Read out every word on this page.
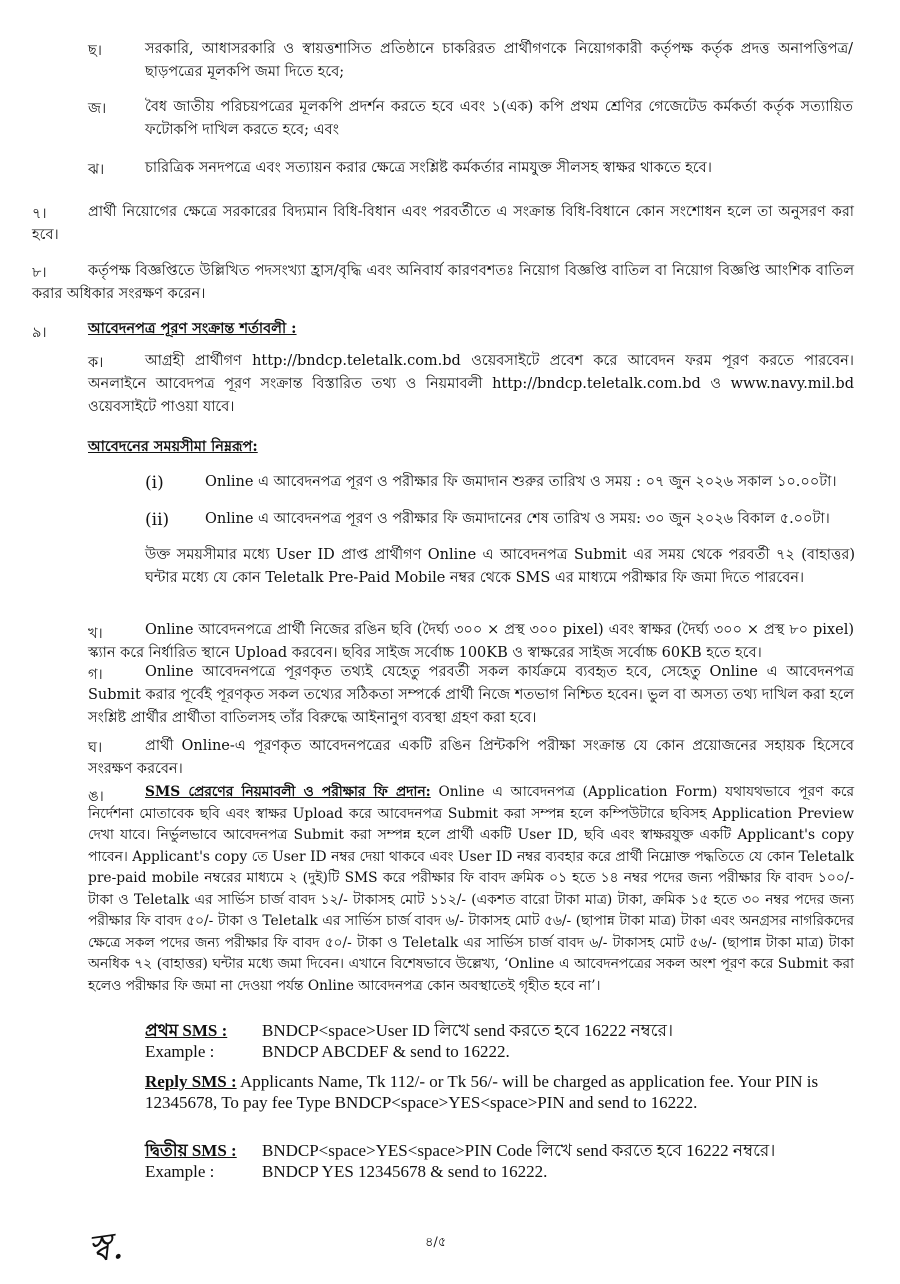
ছ।	সরকারি, আধাসরকারি ও স্বায়ত্তশাসিত প্রতিষ্ঠানে চাকরিরত প্রার্থীগণকে নিয়োগকারী কর্তৃপক্ষ কর্তৃক প্রদত্ত অনাপত্তিপত্র/ছাড়পত্রের মূলকপি জমা দিতে হবে;
জ।	বৈধ জাতীয় পরিচয়পত্রের মূলকপি প্রদর্শন করতে হবে এবং ১(এক) কপি প্রথম শ্রেণির গেজেটেড কর্মকর্তা কর্তৃক সত্যায়িত ফটোকপি দাখিল করতে হবে; এবং
ঝ।	চারিত্রিক সনদপত্রে এবং সত্যায়ন করার ক্ষেত্রে সংশ্লিষ্ট কর্মকর্তার নামযুক্ত সীলসহ স্বাক্ষর থাকতে হবে।
৭।	প্রার্থী নিয়োগের ক্ষেত্রে সরকারের বিদ্যমান বিধি-বিধান এবং পরবর্তীতে এ সংক্রান্ত বিধি-বিধানে কোন সংশোধন হলে তা অনুসরণ করা হবে।
৮।	কর্তৃপক্ষ বিজ্ঞপ্তিতে উল্লিখিত পদসংখ্যা হ্রাস/বৃদ্ধি এবং অনিবার্য কারণবশতঃ নিয়োগ বিজ্ঞপ্তি বাতিল বা নিয়োগ বিজ্ঞপ্তি আংশিক বাতিল করার অধিকার সংরক্ষণ করেন।
৯।	আবেদনপত্র পূরণ সংক্রান্ত শর্তাবলী :
ক।	আগ্রহী প্রার্থীগণ http://bndcp.teletalk.com.bd ওয়েবসাইটে প্রবেশ করে আবেদন ফরম পূরণ করতে পারবেন। অনলাইনে আবেদপত্র পূরণ সংক্রান্ত বিস্তারিত তথ্য ও নিয়মাবলী http://bndcp.teletalk.com.bd ও www.navy.mil.bd ওয়েবসাইটে পাওয়া যাবে।
আবেদনের সময়সীমা নিম্নরূপ:
(i)	Online এ আবেদনপত্র পূরণ ও পরীক্ষার ফি জমাদান শুরুর তারিখ ও সময় : ০৭ জুন ২০২৬ সকাল ১০.০০টা।
(ii) Online এ আবেদনপত্র পূরণ ও পরীক্ষার ফি জমাদানের শেষ তারিখ ও সময়: ৩০ জুন ২০২৬ বিকাল ৫.০০টা।
উক্ত সময়সীমার মধ্যে User ID প্রাপ্ত প্রার্থীগণ Online এ আবেদনপত্র Submit এর সময় থেকে পরবর্তী ৭২ (বাহাত্তর) ঘন্টার মধ্যে যে কোন Teletalk Pre-Paid Mobile নম্বর থেকে SMS এর মাধ্যমে পরীক্ষার ফি জমা দিতে পারবেন।
খ।	Online আবেদনপত্রে প্রার্থী নিজের রঙিন ছবি (দৈর্ঘ্য ৩০০ × প্রস্থ ৩০০ pixel) এবং স্বাক্ষর (দৈর্ঘ্য ৩০০ × প্রস্থ ৮০ pixel) স্ক্যান করে নির্ধারিত স্থানে Upload করবেন। ছবির সাইজ সর্বোচ্চ 100KB ও স্বাক্ষরের সাইজ সর্বোচ্চ 60KB হতে হবে।
গ।	Online আবেদনপত্রে পূরণকৃত তথ্যই যেহেতু পরবর্তী সকল কার্যক্রমে ব্যবহৃত হবে, সেহেতু Online এ আবেদনপত্র Submit করার পূর্বেই পূরণকৃত সকল তথ্যের সঠিকতা সম্পর্কে প্রার্থী নিজে শতভাগ নিশ্চিত হবেন। ভুল বা অসত্য তথ্য দাখিল করা হলে সংশ্লিষ্ট প্রার্থীর প্রার্থীতা বাতিলসহ তাঁর বিরুদ্ধে আইনানুগ ব্যবস্থা গ্রহণ করা হবে।
ঘ।	প্রার্থী Online-এ পূরণকৃত আবেদনপত্রের একটি রঙিন প্রিন্টকপি পরীক্ষা সংক্রান্ত যে কোন প্রয়োজনের সহায়ক হিসেবে সংরক্ষণ করবেন।
ঙ।	SMS প্রেরণের নিয়মাবলী ও পরীক্ষার ফি প্রদান: Online এ আবেদনপত্র (Application Form) যথাযথভাবে পূরণ করে নির্দেশনা মোতাবেক ছবি এবং স্বাক্ষর Upload করে আবেদনপত্র Submit করা সম্পন্ন হলে কম্পিউটারে ছবিসহ Application Preview দেখা যাবে। নির্ভুলভাবে আবেদনপত্র Submit করা সম্পন্ন হলে প্রার্থী একটি User ID, ছবি এবং স্বাক্ষরযুক্ত একটি Applicant's copy পাবেন। Applicant's copy তে User ID নম্বর দেয়া থাকবে এবং User ID নম্বর ব্যবহার করে প্রার্থী নিম্নোক্ত পদ্ধতিতে যে কোন Teletalk pre-paid mobile নম্বরের মাধ্যমে ২ (দুই)টি SMS করে পরীক্ষার ফি বাবদ ক্রমিক ০১ হতে ১৪ নম্বর পদের জন্য পরীক্ষার ফি বাবদ ১০০/- টাকা ও Teletalk এর সার্ভিস চার্জ বাবদ ১২/- টাকাসহ মোট ১১২/- (একশত বারো টাকা মাত্র) টাকা, ক্রমিক ১৫ হতে ৩০ নম্বর পদের জন্য পরীক্ষার ফি বাবদ ৫০/- টাকা ও Teletalk এর সার্ভিস চার্জ বাবদ ৬/- টাকাসহ মোট ৫৬/- (ছাপান্ন টাকা মাত্র) টাকা এবং অনগ্রসর নাগরিকদের ক্ষেত্রে সকল পদের জন্য পরীক্ষার ফি বাবদ ৫০/- টাকা ও Teletalk এর সার্ভিস চার্জ বাবদ ৬/- টাকাসহ মোট ৫৬/- (ছাপান্ন টাকা মাত্র) টাকা অনধিক ৭২ (বাহাত্তর) ঘন্টার মধ্যে জমা দিবেন। এখানে বিশেষভাবে উল্লেখ্য, ‘Online এ আবেদনপত্রের সকল অংশ পূরণ করে Submit করা হলেও পরীক্ষার ফি জমা না দেওয়া পর্যন্ত Online আবেদনপত্র কোন অবস্থাতেই গৃহীত হবে না’।
প্রথম SMS : BNDCP<space>User ID লিখে send করতে হবে 16222 নম্বরে।
Example :	BNDCP ABCDEF & send to 16222.
Reply SMS : Applicants Name, Tk 112/- or Tk 56/- will be charged as application fee. Your PIN is 12345678, To pay fee Type BNDCP<space>YES<space>PIN and send to 16222.
দ্বিতীয় SMS : BNDCP<space>YES<space>PIN Code লিখে send করতে হবে 16222 নম্বরে।
Example :	BNDCP YES 12345678 & send to 16222.
স্ব.	৪/৫
